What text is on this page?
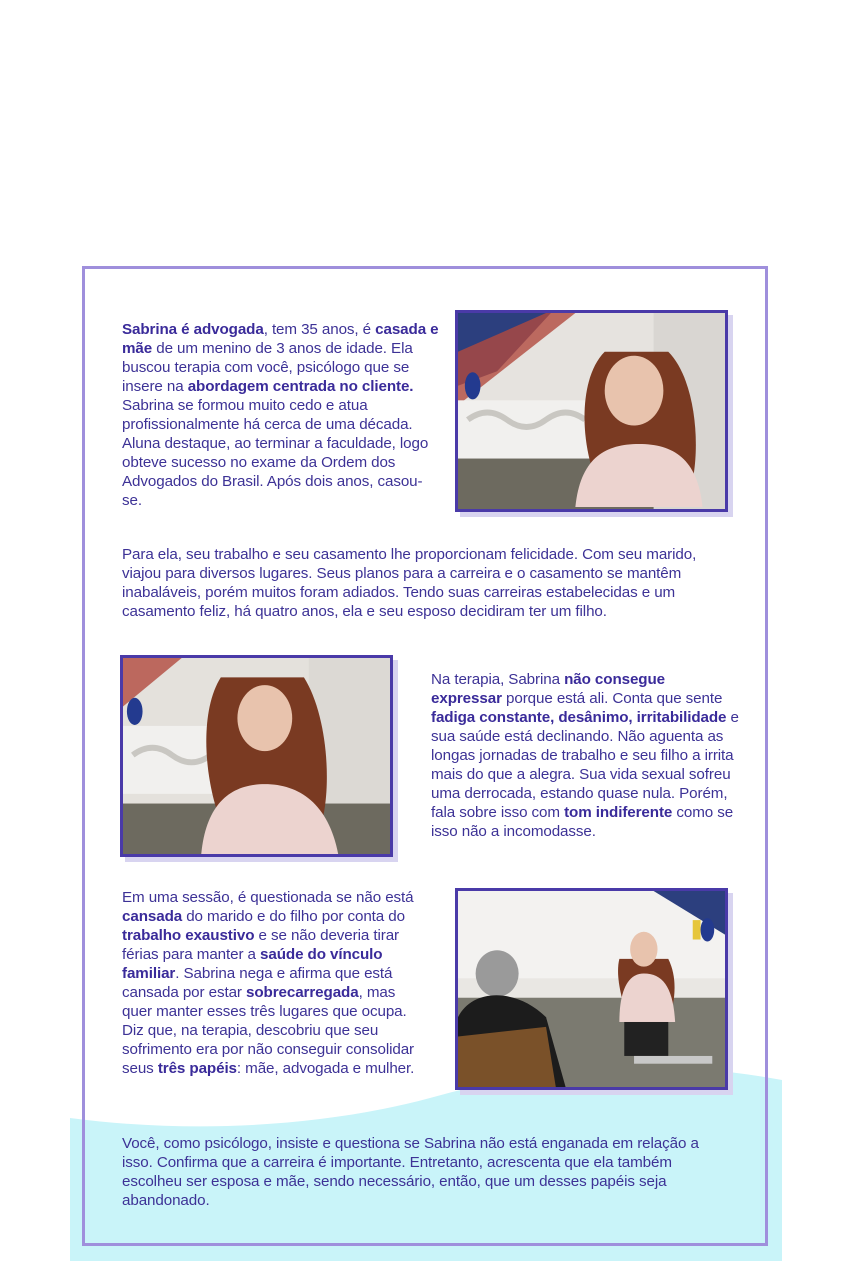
Sabrina é advogada, tem 35 anos, é casada e mãe de um menino de 3 anos de idade. Ela buscou terapia com você, psicólogo que se insere na abordagem centrada no cliente. Sabrina se formou muito cedo e atua profissionalmente há cerca de uma década. Aluna destaque, ao terminar a faculdade, logo obteve sucesso no exame da Ordem dos Advogados do Brasil. Após dois anos, casou-se.
Para ela, seu trabalho e seu casamento lhe proporcionam felicidade. Com seu marido, viajou para diversos lugares. Seus planos para a carreira e o casamento se mantêm inabaláveis, porém muitos foram adiados. Tendo suas carreiras estabelecidas e um casamento feliz, há quatro anos, ela e seu esposo decidiram ter um filho.
Na terapia, Sabrina não consegue expressar porque está ali. Conta que sente fadiga constante, desânimo, irritabilidade e sua saúde está declinando. Não aguenta as longas jornadas de trabalho e seu filho a irrita mais do que a alegra. Sua vida sexual sofreu uma derrocada, estando quase nula. Porém, fala sobre isso com tom indiferente como se isso não a incomodasse.
Em uma sessão, é questionada se não está cansada do marido e do filho por conta do trabalho exaustivo e se não deveria tirar férias para manter a saúde do vínculo familiar. Sabrina nega e afirma que está cansada por estar sobrecarregada, mas quer manter esses três lugares que ocupa. Diz que, na terapia, descobriu que seu sofrimento era por não conseguir consolidar seus três papéis: mãe, advogada e mulher.
Você, como psicólogo, insiste e questiona se Sabrina não está enganada em relação a isso. Confirma que a carreira é importante. Entretanto, acrescenta que ela também escolheu ser esposa e mãe, sendo necessário, então, que um desses papéis seja abandonado.
